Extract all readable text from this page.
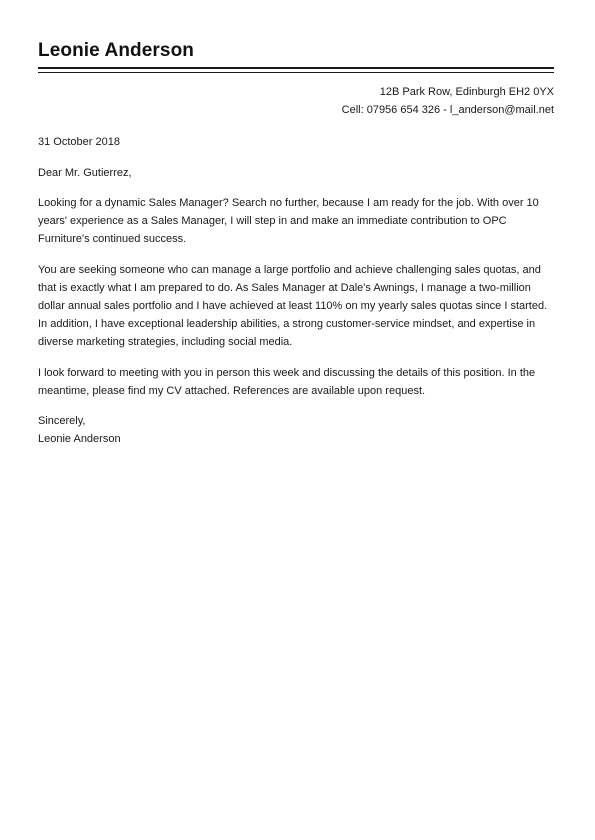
Leonie Anderson
12B Park Row, Edinburgh EH2 0YX
Cell: 07956 654 326 - l_anderson@mail.net

31 October 2018

Dear Mr. Gutierrez,

Looking for a dynamic Sales Manager? Search no further, because I am ready for the job. With over 10 years' experience as a Sales Manager, I will step in and make an immediate contribution to OPC Furniture's continued success.

You are seeking someone who can manage a large portfolio and achieve challenging sales quotas, and that is exactly what I am prepared to do. As Sales Manager at Dale's Awnings, I manage a two-million dollar annual sales portfolio and I have achieved at least 110% on my yearly sales quotas since I started. In addition, I have exceptional leadership abilities, a strong customer-service mindset, and expertise in diverse marketing strategies, including social media.

I look forward to meeting with you in person this week and discussing the details of this position. In the meantime, please find my CV attached. References are available upon request.

Sincerely,

Leonie Anderson
